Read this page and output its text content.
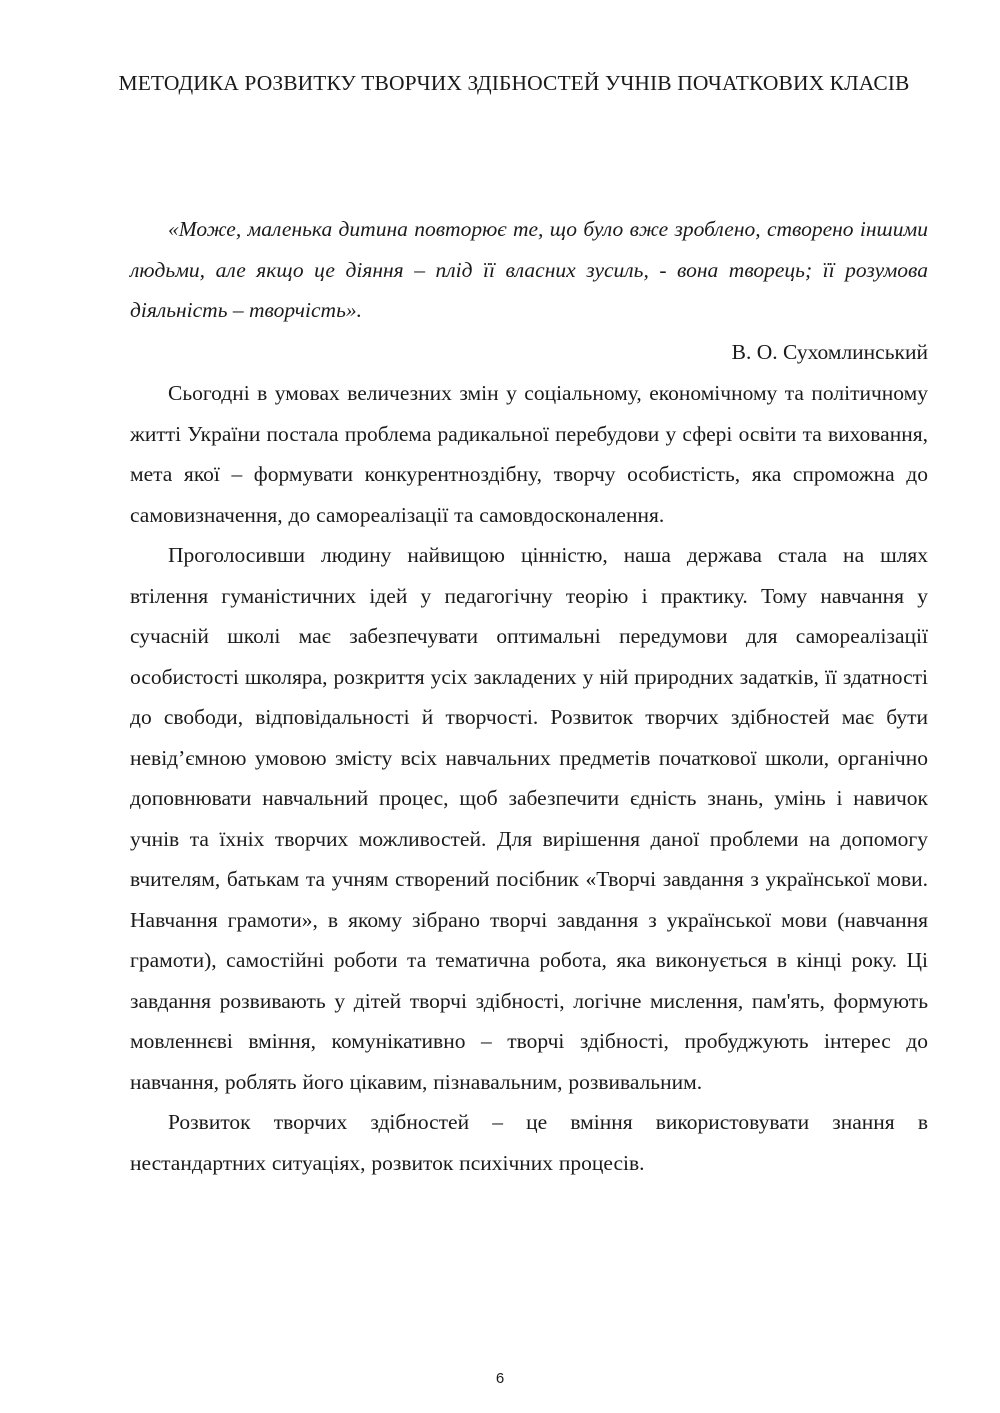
МЕТОДИКА РОЗВИТКУ ТВОРЧИХ ЗДІБНОСТЕЙ УЧНІВ ПОЧАТКОВИХ КЛАСІВ

«Може, маленька дитина повторює те, що було вже зроблено, створено іншими людьми, але якщо це діяння – плід її власних зусиль, - вона творець; її розумова діяльність – творчість».

В. О. Сухомлинський

Сьогодні в умовах величезних змін у соціальному, економічному та політичному житті України постала проблема радикальної перебудови у сфері освіти та виховання, мета якої – формувати конкурентноздібну, творчу особистість, яка спроможна до самовизначення, до самореалізації та самовдосконалення.

Проголосивши людину найвищою цінністю, наша держава стала на шлях втілення гуманістичних ідей у педагогічну теорію і практику. Тому навчання у сучасній школі має забезпечувати оптимальні передумови для самореалізації особистості школяра, розкриття усіх закладених у ній природних задатків, її здатності до свободи, відповідальності й творчості. Розвиток творчих здібностей має бути невід’ємною умовою змісту всіх навчальних предметів початкової школи, органічно доповнювати навчальний процес, щоб забезпечити єдність знань, умінь і навичок учнів та їхніх творчих можливостей. Для вирішення даної проблеми на допомогу вчителям, батькам та учням створений посібник «Творчі завдання з української мови. Навчання грамоти», в якому зібрано творчі завдання з української мови (навчання грамоти), самостійні роботи та тематична робота, яка виконується в кінці року. Ці завдання розвивають у дітей творчі здібності, логічне мислення, пам'ять, формують мовленнєві вміння, комунікативно – творчі здібності, пробуджують інтерес до навчання, роблять його цікавим, пізнавальним, розвивальним.

Розвиток творчих здібностей – це вміння використовувати знання в нестандартних ситуаціях, розвиток психічних процесів.

6
